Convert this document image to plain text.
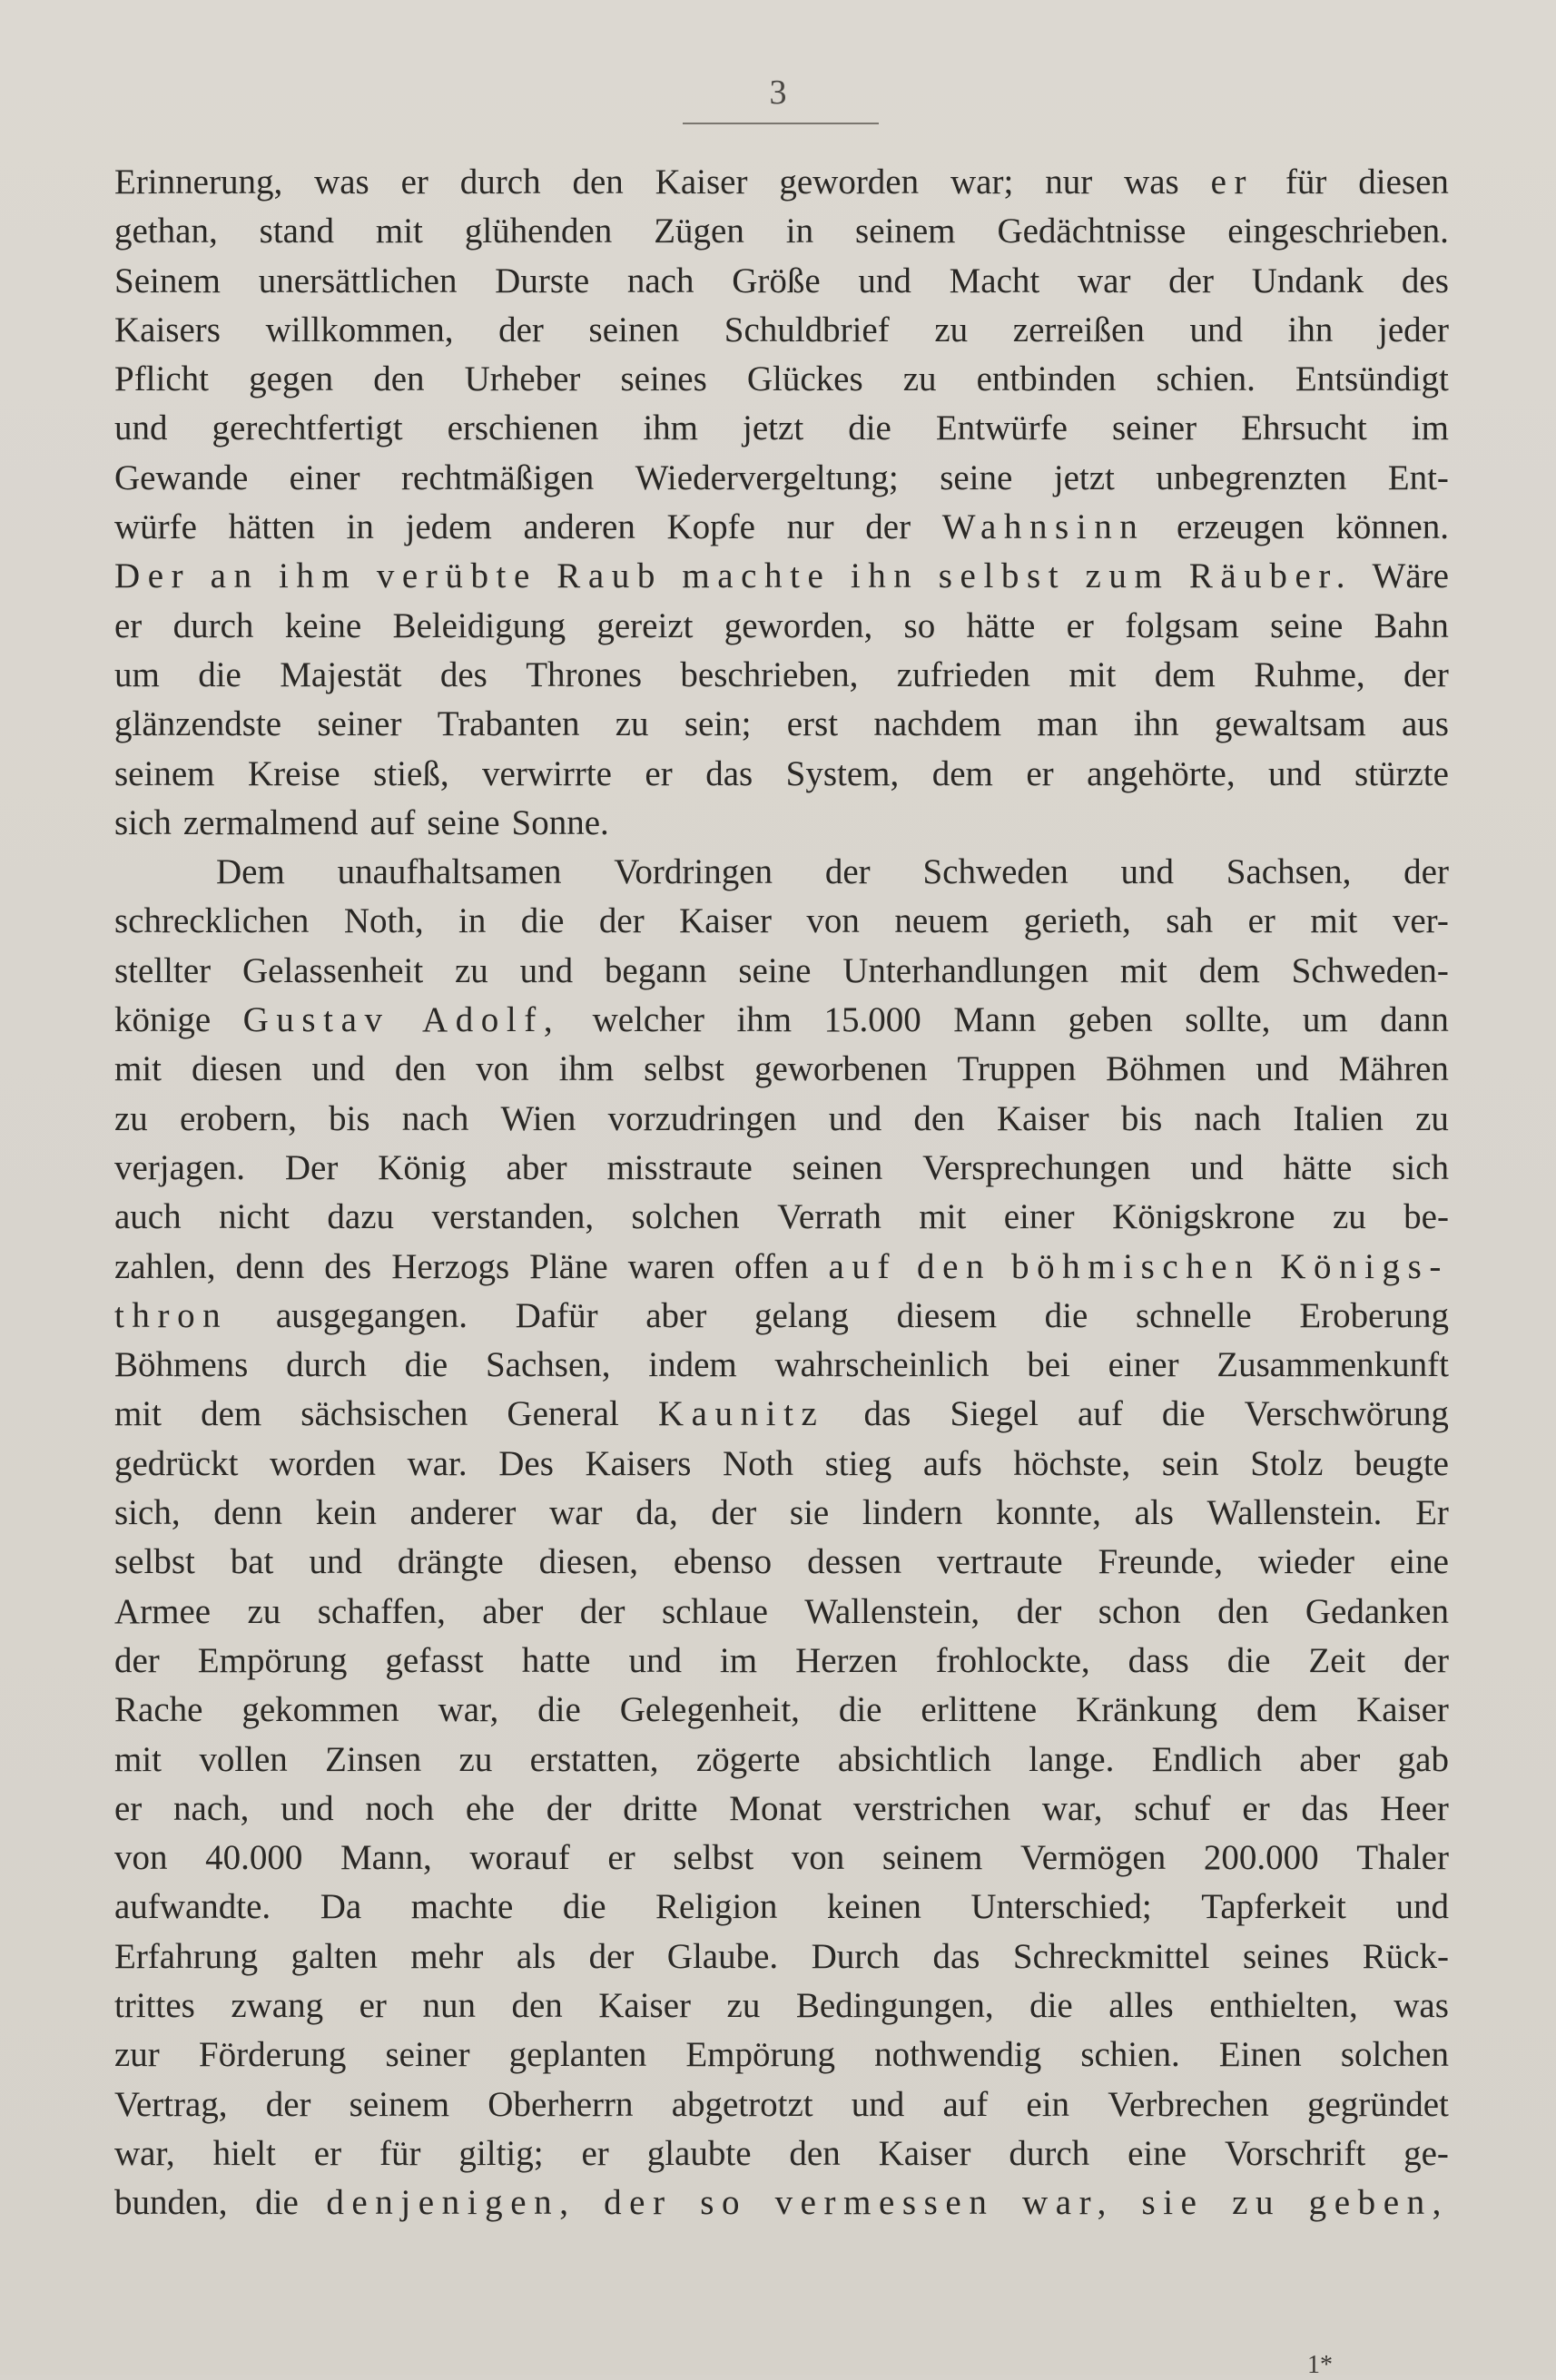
3
Erinnerung, was er durch den Kaiser geworden war; nur was er für diesen
gethan, stand mit glühenden Zügen in seinem Gedächtnisse eingeschrieben.
Seinem unersättlichen Durste nach Größe und Macht war der Undank des
Kaisers willkommen, der seinen Schuldbrief zu zerreißen und ihn jeder
Pflicht gegen den Urheber seines Glückes zu entbinden schien. Entsündigt
und gerechtfertigt erschienen ihm jetzt die Entwürfe seiner Ehrsucht im
Gewande einer rechtmäßigen Wiedervergeltung; seine jetzt unbegrenzten Ent-
würfe hätten in jedem anderen Kopfe nur der Wahnsinn erzeugen können.
Der an ihm verübte Raub machte ihn selbst zum Räuber. Wäre
er durch keine Beleidigung gereizt geworden, so hätte er folgsam seine Bahn
um die Majestät des Thrones beschrieben, zufrieden mit dem Ruhme, der
glänzendste seiner Trabanten zu sein; erst nachdem man ihn gewaltsam aus
seinem Kreise stieß, verwirrte er das System, dem er angehörte, und stürzte
sich zermalmend auf seine Sonne.
Dem unaufhaltsamen Vordringen der Schweden und Sachsen, der
schrecklichen Noth, in die der Kaiser von neuem gerieth, sah er mit ver-
stellter Gelassenheit zu und begann seine Unterhandlungen mit dem Schweden-
könige Gustav Adolf, welcher ihm 15.000 Mann geben sollte, um dann
mit diesen und den von ihm selbst geworbenen Truppen Böhmen und Mähren
zu erobern, bis nach Wien vorzudringen und den Kaiser bis nach Italien zu
verjagen. Der König aber misstraute seinen Versprechungen und hätte sich
auch nicht dazu verstanden, solchen Verrath mit einer Königskrone zu be-
zahlen, denn des Herzogs Pläne waren offen auf den böhmischen Königs-
thron ausgegangen. Dafür aber gelang diesem die schnelle Eroberung
Böhmens durch die Sachsen, indem wahrscheinlich bei einer Zusammenkunft
mit dem sächsischen General Kaunitz das Siegel auf die Verschwörung
gedrückt worden war. Des Kaisers Noth stieg aufs höchste, sein Stolz beugte
sich, denn kein anderer war da, der sie lindern konnte, als Wallenstein. Er
selbst bat und drängte diesen, ebenso dessen vertraute Freunde, wieder eine
Armee zu schaffen, aber der schlaue Wallenstein, der schon den Gedanken
der Empörung gefasst hatte und im Herzen frohlockte, dass die Zeit der
Rache gekommen war, die Gelegenheit, die erlittene Kränkung dem Kaiser
mit vollen Zinsen zu erstatten, zögerte absichtlich lange. Endlich aber gab
er nach, und noch ehe der dritte Monat verstrichen war, schuf er das Heer
von 40.000 Mann, worauf er selbst von seinem Vermögen 200.000 Thaler
aufwandte. Da machte die Religion keinen Unterschied; Tapferkeit und
Erfahrung galten mehr als der Glaube. Durch das Schreckmittel seines Rück-
trittes zwang er nun den Kaiser zu Bedingungen, die alles enthielten, was
zur Förderung seiner geplanten Empörung nothwendig schien. Einen solchen
Vertrag, der seinem Oberherrn abgetrotzt und auf ein Verbrechen gegründet
war, hielt er für giltig; er glaubte den Kaiser durch eine Vorschrift ge-
bunden, die denjenigen, der so vermessen war, sie zu geben,
1*
